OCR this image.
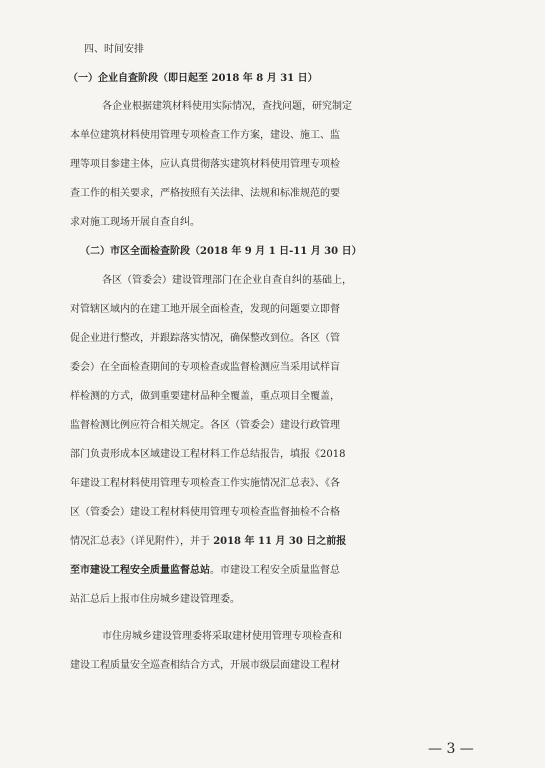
四、时间安排
（一）企业自查阶段（即日起至 2018 年 8 月 31 日）
各企业根据建筑材料使用实际情况，查找问题，研究制定
本单位建筑材料使用管理专项检查工作方案，建设、施工、监
理等项目参建主体，应认真贯彻落实建筑材料使用管理专项检
查工作的相关要求，严格按照有关法律、法规和标准规范的要
求对施工现场开展自查自纠。
（二）市区全面检查阶段（2018 年 9 月 1 日-11 月 30 日）
各区（管委会）建设管理部门在企业自查自纠的基础上，
对管辖区域内的在建工地开展全面检查，发现的问题要立即督
促企业进行整改，并跟踪落实情况，确保整改到位。各区（管
委会）在全面检查期间的专项检查或监督检测应当采用试样盲
样检测的方式，做到重要建材品种全覆盖，重点项目全覆盖，
监督检测比例应符合相关规定。各区（管委会）建设行政管理
部门负责形成本区域建设工程材料工作总结报告，填报《2018
年建设工程材料使用管理专项检查工作实施情况汇总表》、《各
区（管委会）建设工程材料使用管理专项检查监督抽检不合格
情况汇总表》（详见附件），并于 2018 年 11 月 30 日之前报
至市建设工程安全质量监督总站。市建设工程安全质量监督总
站汇总后上报市住房城乡建设管理委。
市住房城乡建设管理委将采取建材使用管理专项检查和
建设工程质量安全巡查相结合方式，开展市级层面建设工程材
— 3 —
